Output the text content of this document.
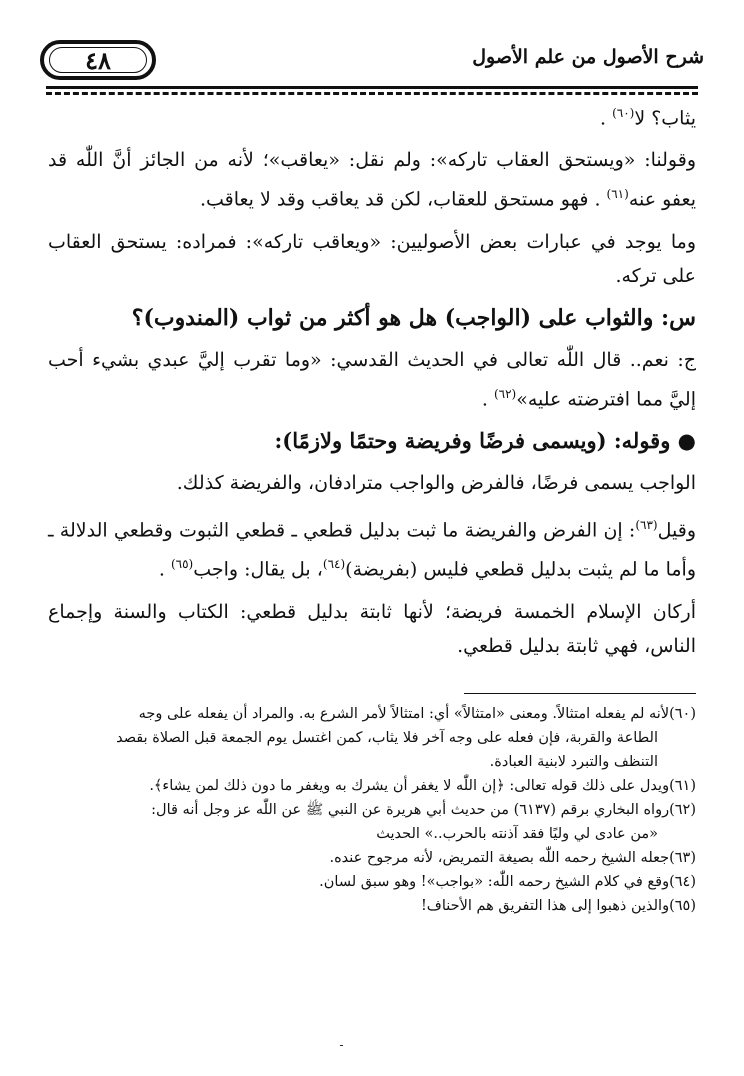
٤٨	شرح الأصول من علم الأصول

يثاب؟ لا$^{(٦٠)}$ .

وقولنا: «ويستحق العقاب تاركه»: ولم نقل: «يعاقب»؛ لأنه من الجائز أنَّ اللّٰه قد يعفو عنه$^{(٦١)}$ . فهو مستحق للعقاب، لكن قد يعاقب وقد لا يعاقب.

وما يوجد في عبارات بعض الأصوليين: «ويعاقب تاركه»: فمراده: يستحق العقاب على تركه.

س: والثواب على (الواجب) هل هو أكثر من ثواب (المندوب)؟

ج: نعم.. قال اللّٰه تعالى في الحديث القدسي: «وما تقرب إليَّ عبدي بشيء أحب إليَّ مما افترضته عليه»$^{(٦٢)}$ .

● وقوله: (ويسمى فرضًا وفريضة وحتمًا ولازمًا):

الواجب يسمى فرضًا، فالفرض والواجب مترادفان، والفريضة كذلك.

وقيل$^{(٦٣)}$: إن الفرض والفريضة ما ثبت بدليل قطعي ـ قطعي الثبوت وقطعي الدلالة ـ وأما ما لم يثبت بدليل قطعي فليس (بفريضة)$^{(٦٤)}$، بل يقال: واجب$^{(٦٥)}$ .

أركان الإسلام الخمسة فريضة؛ لأنها ثابتة بدليل قطعي: الكتاب والسنة وإجماع الناس، فهي ثابتة بدليل قطعي.

(٦٠)لأنه لم يفعله امتثالاً. ومعنى «امتثالاً» أي: امتثالاً لأمر الشرع به. والمراد أن يفعله على وجه

الطاعة والقربة، فإن فعله على وجه آخر فلا يثاب، كمن اغتسل يوم الجمعة قبل الصلاة بقصد

التنظف والتبرد لابنية العبادة.

(٦١)ويدل على ذلك قوله تعالى: ﴿إن اللّٰه لا يغفر أن يشرك به ويغفر ما دون ذلك لمن يشاء﴾.

(٦٢)رواه البخاري برقم (٦١٣٧) من حديث أبي هريرة عن النبي ﷺ عن اللّٰه عز وجل أنه قال:

«من عادى لي وليًا فقد آذنته بالحرب..» الحديث

(٦٣)جعله الشيخ رحمه اللّٰه بصيغة التمريض، لأنه مرجوح عنده.

(٦٤)وقع في كلام الشيخ رحمه اللّٰه: «بواجب»! وهو سبق لسان.

(٦٥)والذين ذهبوا إلى هذا التفريق هم الأحناف!

ـ
